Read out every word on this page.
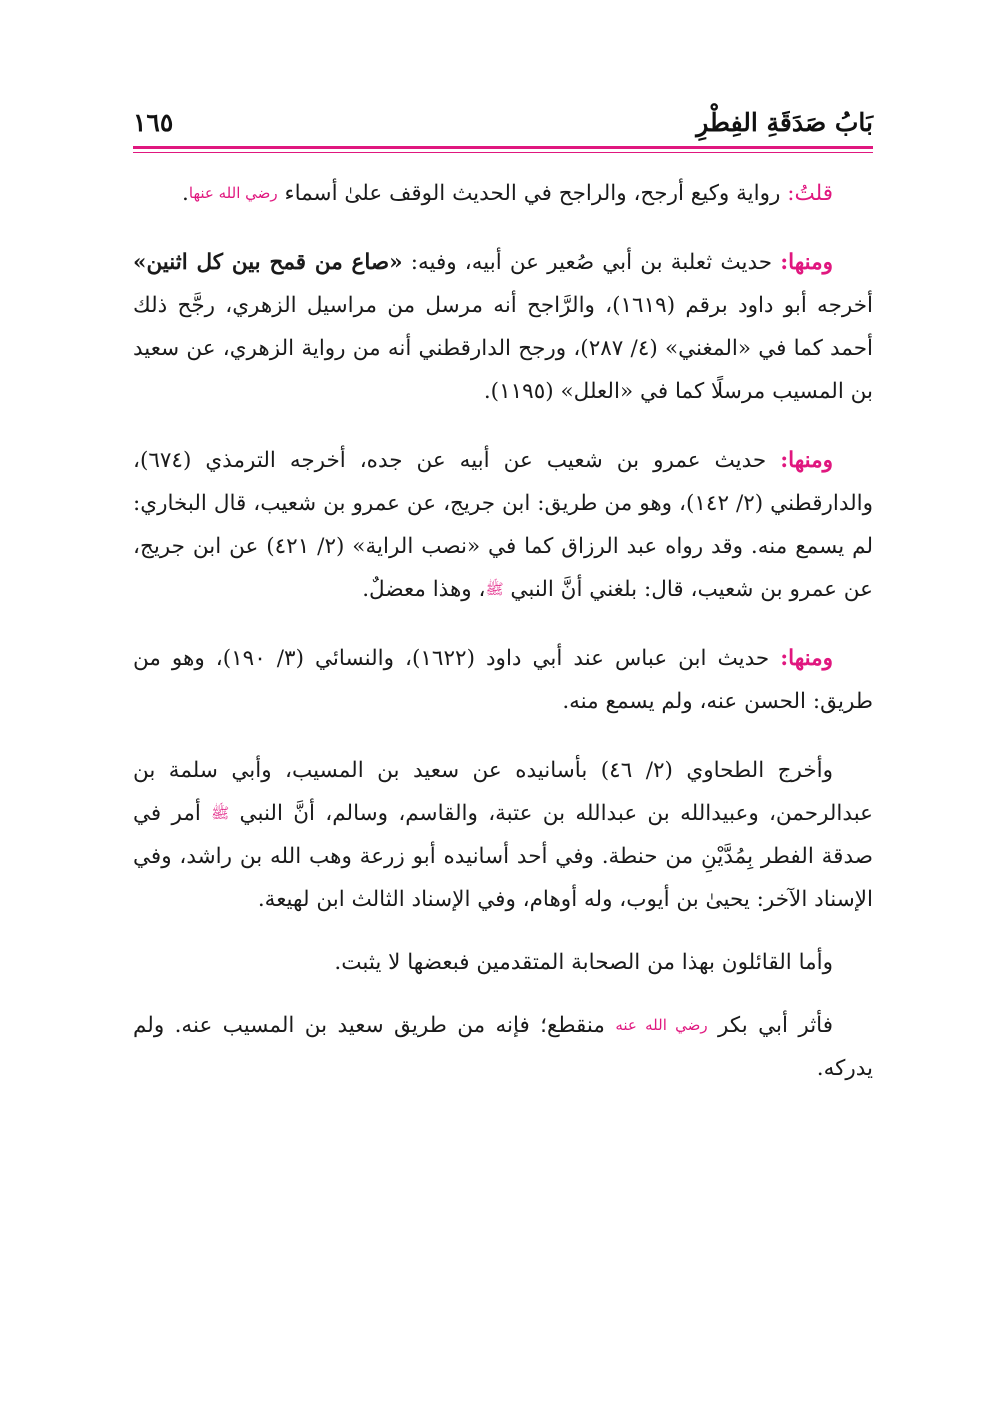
بَابُ صَدَقَةِ الفِطْرِ
١٦٥

قلتُ: رواية وكيع أرجح، والراجح في الحديث الوقف علىٰ أسماء رضي الله عنها.

ومنها: حديث ثعلبة بن أبي صُعير عن أبيه، وفيه: «صاع من قمح بين كل اثنين» أخرجه أبو داود برقم (١٦١٩)، والرَّاجح أنه مرسل من مراسيل الزهري، رجَّح ذلك أحمد كما في «المغني» (٤/ ٢٨٧)، ورجح الدارقطني أنه من رواية الزهري، عن سعيد بن المسيب مرسلًا كما في «العلل» (١١٩٥).

ومنها: حديث عمرو بن شعيب عن أبيه عن جده، أخرجه الترمذي (٦٧٤)، والدارقطني (٢/ ١٤٢)، وهو من طريق: ابن جريج، عن عمرو بن شعيب، قال البخاري: لم يسمع منه. وقد رواه عبد الرزاق كما في «نصب الراية» (٢/ ٤٢١) عن ابن جريج، عن عمرو بن شعيب، قال: بلغني أنَّ النبي ﷺ، وهذا معضلٌ.

ومنها: حديث ابن عباس عند أبي داود (١٦٢٢)، والنسائي (٣/ ١٩٠)، وهو من طريق: الحسن عنه، ولم يسمع منه.

وأخرج الطحاوي (٢/ ٤٦) بأسانيده عن سعيد بن المسيب، وأبي سلمة بن عبدالرحمن، وعبيدالله بن عبدالله بن عتبة، والقاسم، وسالم، أنَّ النبي ﷺ أمر في صدقة الفطر بِمُدَّيْنِ من حنطة. وفي أحد أسانيده أبو زرعة وهب الله بن راشد، وفي الإسناد الآخر: يحيىٰ بن أيوب، وله أوهام، وفي الإسناد الثالث ابن لهيعة.

وأما القائلون بهذا من الصحابة المتقدمين فبعضها لا يثبت.

فأثر أبي بكر رضي الله عنه منقطع؛ فإنه من طريق سعيد بن المسيب عنه. ولم يدركه.
